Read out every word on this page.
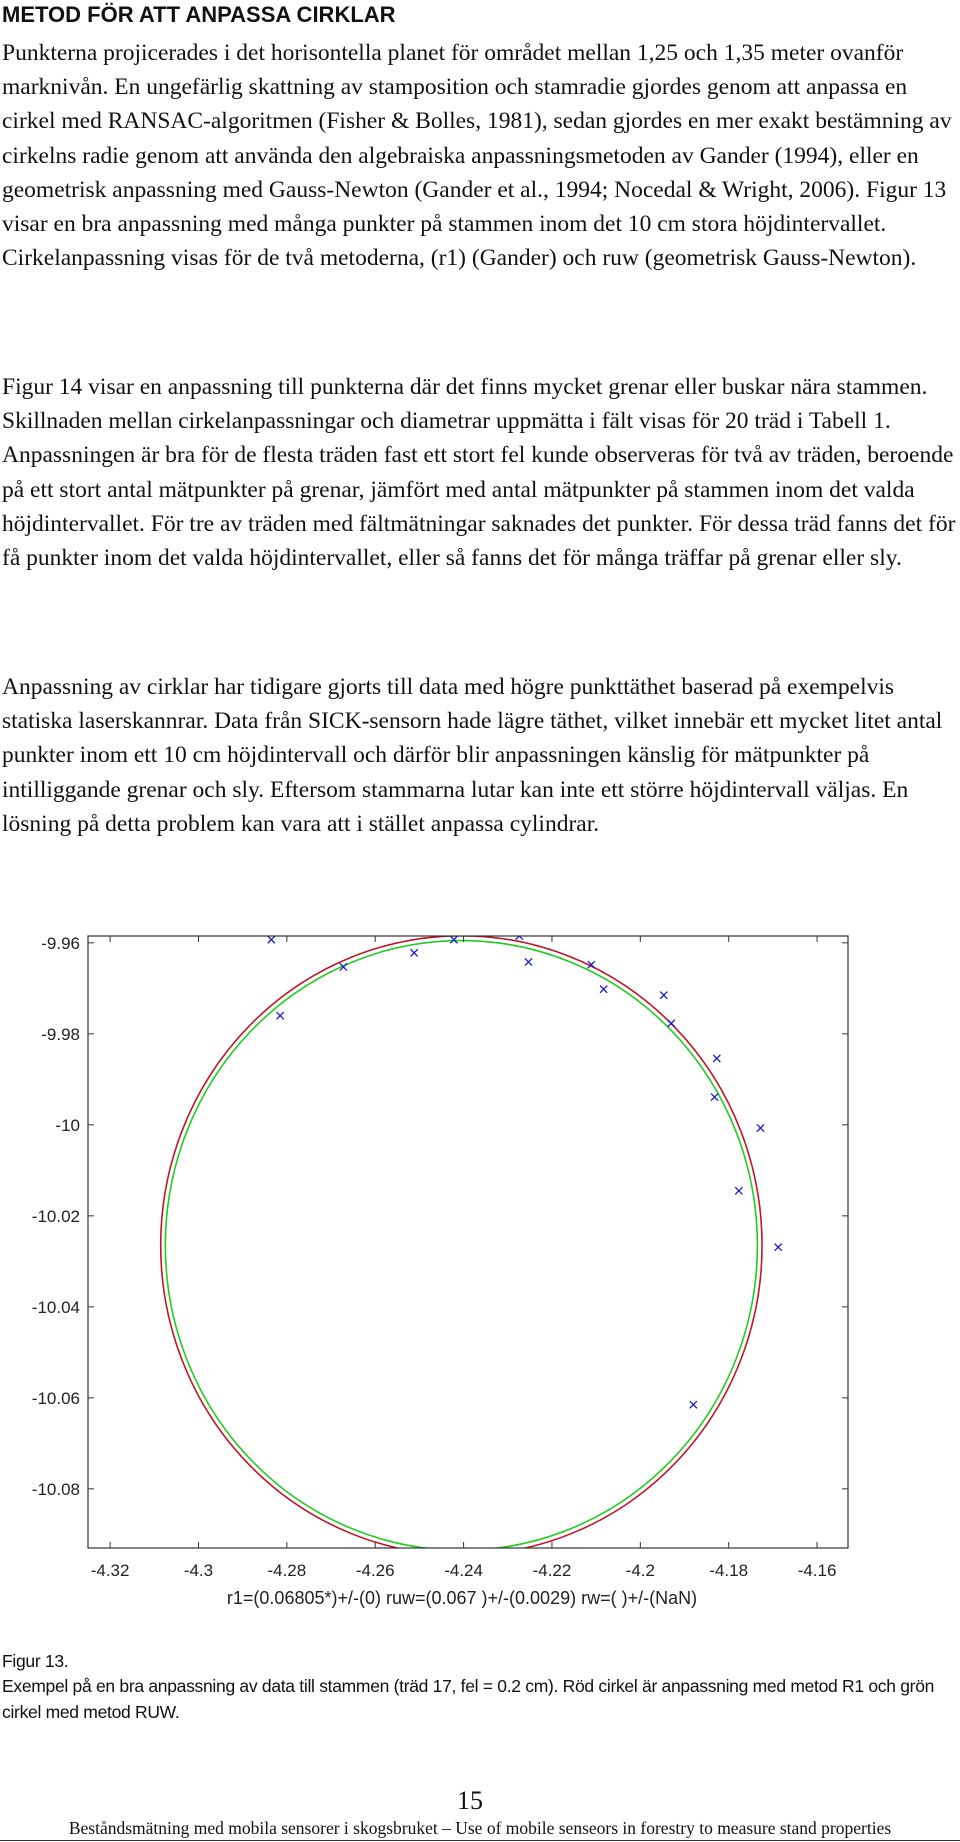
METOD FÖR ATT ANPASSA CIRKLAR

Punkterna projicerades i det horisontella planet för området mellan 1,25 och 1,35 meter ovanför marknivån. En ungefärlig skattning av stamposition och stamradie gjordes genom att anpassa en cirkel med RANSAC-algoritmen (Fisher & Bolles, 1981), sedan gjordes en mer exakt bestämning av cirkelns radie genom att använda den algebraiska anpassningsmetoden av Gander (1994), eller en geometrisk anpassning med Gauss-Newton (Gander et al., 1994; Nocedal & Wright, 2006). Figur 13 visar en bra anpassning med många punkter på stammen inom det 10 cm stora höjdintervallet. Cirkelanpassning visas för de två metoderna, (r1) (Gander) och ruw (geometrisk Gauss-Newton).

Figur 14 visar en anpassning till punkterna där det finns mycket grenar eller buskar nära stammen. Skillnaden mellan cirkelanpassningar och diametrar uppmätta i fält visas för 20 träd i Tabell 1. Anpassningen är bra för de flesta träden fast ett stort fel kunde observeras för två av träden, beroende på ett stort antal mätpunkter på grenar, jämfört med antal mätpunkter på stammen inom det valda höjdintervallet. För tre av träden med fältmätningar saknades det punkter. För dessa träd fanns det för få punkter inom det valda höjdintervallet, eller så fanns det för många träffar på grenar eller sly.

Anpassning av cirklar har tidigare gjorts till data med högre punkttäthet baserad på exempelvis statiska laserskannrar. Data från SICK-sensorn hade lägre täthet, vilket innebär ett mycket litet antal punkter inom ett 10 cm höjdintervall och därför blir anpassningen känslig för mätpunkter på intilliggande grenar och sly. Eftersom stammarna lutar kan inte ett större höjdintervall väljas. En lösning på detta problem kan vara att i stället anpassa cylindrar.

-4.32	-4.3	-4.28	-4.26	-4.24	-4.22	-4.2	-4.18	-4.16
-9.96
-9.98
-10
-10.02
-10.04
-10.06
-10.08
r1=(0.06805*)+/-(0) ruw=(0.067 )+/-(0.0029) rw=( )+/-(NaN)
Figur 13.
Exempel på en bra anpassning av data till stammen (träd 17, fel = 0.2 cm). Röd cirkel är anpassning med metod R1 och grön cirkel med metod RUW.
15
Beståndsmätning med mobila sensorer i skogsbruket – Use of mobile senseors in forestry to measure stand properties
